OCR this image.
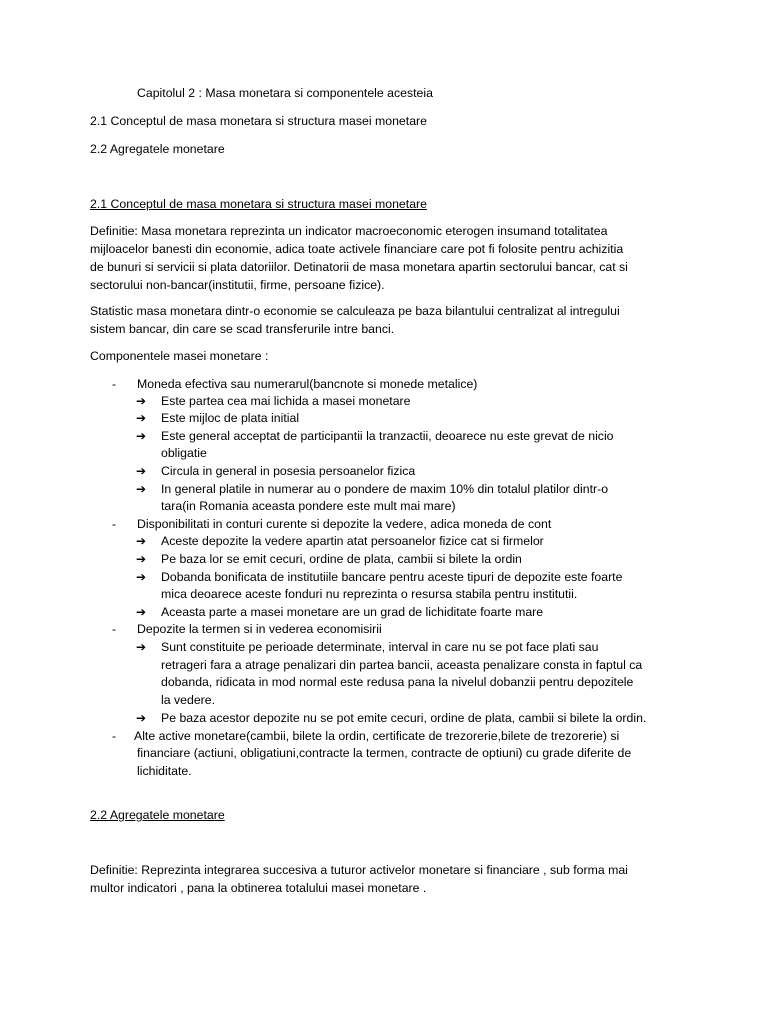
Capitolul 2 : Masa monetara si componentele acesteia
2.1 Conceptul de masa monetara si structura masei monetare
2.2 Agregatele monetare
2.1 Conceptul de masa monetara si structura masei monetare
Definitie: Masa monetara reprezinta un indicator macroeconomic eterogen insumand totalitatea
mijloacelor banesti din economie, adica toate activele financiare care pot fi folosite pentru achizitia
de bunuri si servicii si plata datoriilor. Detinatorii de masa monetara apartin sectorului bancar, cat si
sectorului non-bancar(institutii, firme, persoane fizice).
Statistic masa monetara dintr-o economie se calculeaza pe baza bilantului centralizat al intregului
sistem bancar, din care se scad transferurile intre banci.
Componentele masei monetare :
- Moneda efectiva sau numerarul(bancnote si monede metalice)
➔ Este partea cea mai lichida a masei monetare
➔ Este mijloc de plata initial
➔ Este general acceptat de participantii la tranzactii, deoarece nu este grevat de nicio
obligatie
➔ Circula in general in posesia persoanelor fizica
➔ In general platile in numerar au o pondere de maxim 10% din totalul platilor dintr-o
tara(in Romania aceasta pondere este mult mai mare)
- Disponibilitati in conturi curente si depozite la vedere, adica moneda de cont
➔ Aceste depozite la vedere apartin atat persoanelor fizice cat si firmelor
➔ Pe baza lor se emit cecuri, ordine de plata, cambii si bilete la ordin
➔ Dobanda bonificata de institutiile bancare pentru aceste tipuri de depozite este foarte
mica deoarece aceste fonduri nu reprezinta o resursa stabila pentru institutii.
➔ Aceasta parte a masei monetare are un grad de lichiditate foarte mare
- Depozite la termen si in vederea economisirii
➔ Sunt constituite pe perioade determinate, interval in care nu se pot face plati sau
retrageri fara a atrage penalizari din partea bancii, aceasta penalizare consta in faptul ca
dobanda, ridicata in mod normal este redusa pana la nivelul dobanzii pentru depozitele
la vedere.
➔ Pe baza acestor depozite nu se pot emite cecuri, ordine de plata, cambii si bilete la ordin.
- Alte active monetare(cambii, bilete la ordin, certificate de trezorerie,bilete de trezorerie) si
financiare (actiuni, obligatiuni,contracte la termen, contracte de optiuni) cu grade diferite de
lichiditate.
2.2 Agregatele monetare
Definitie: Reprezinta integrarea succesiva a tuturor activelor monetare si financiare , sub forma mai
multor indicatori , pana la obtinerea totalului masei monetare .
